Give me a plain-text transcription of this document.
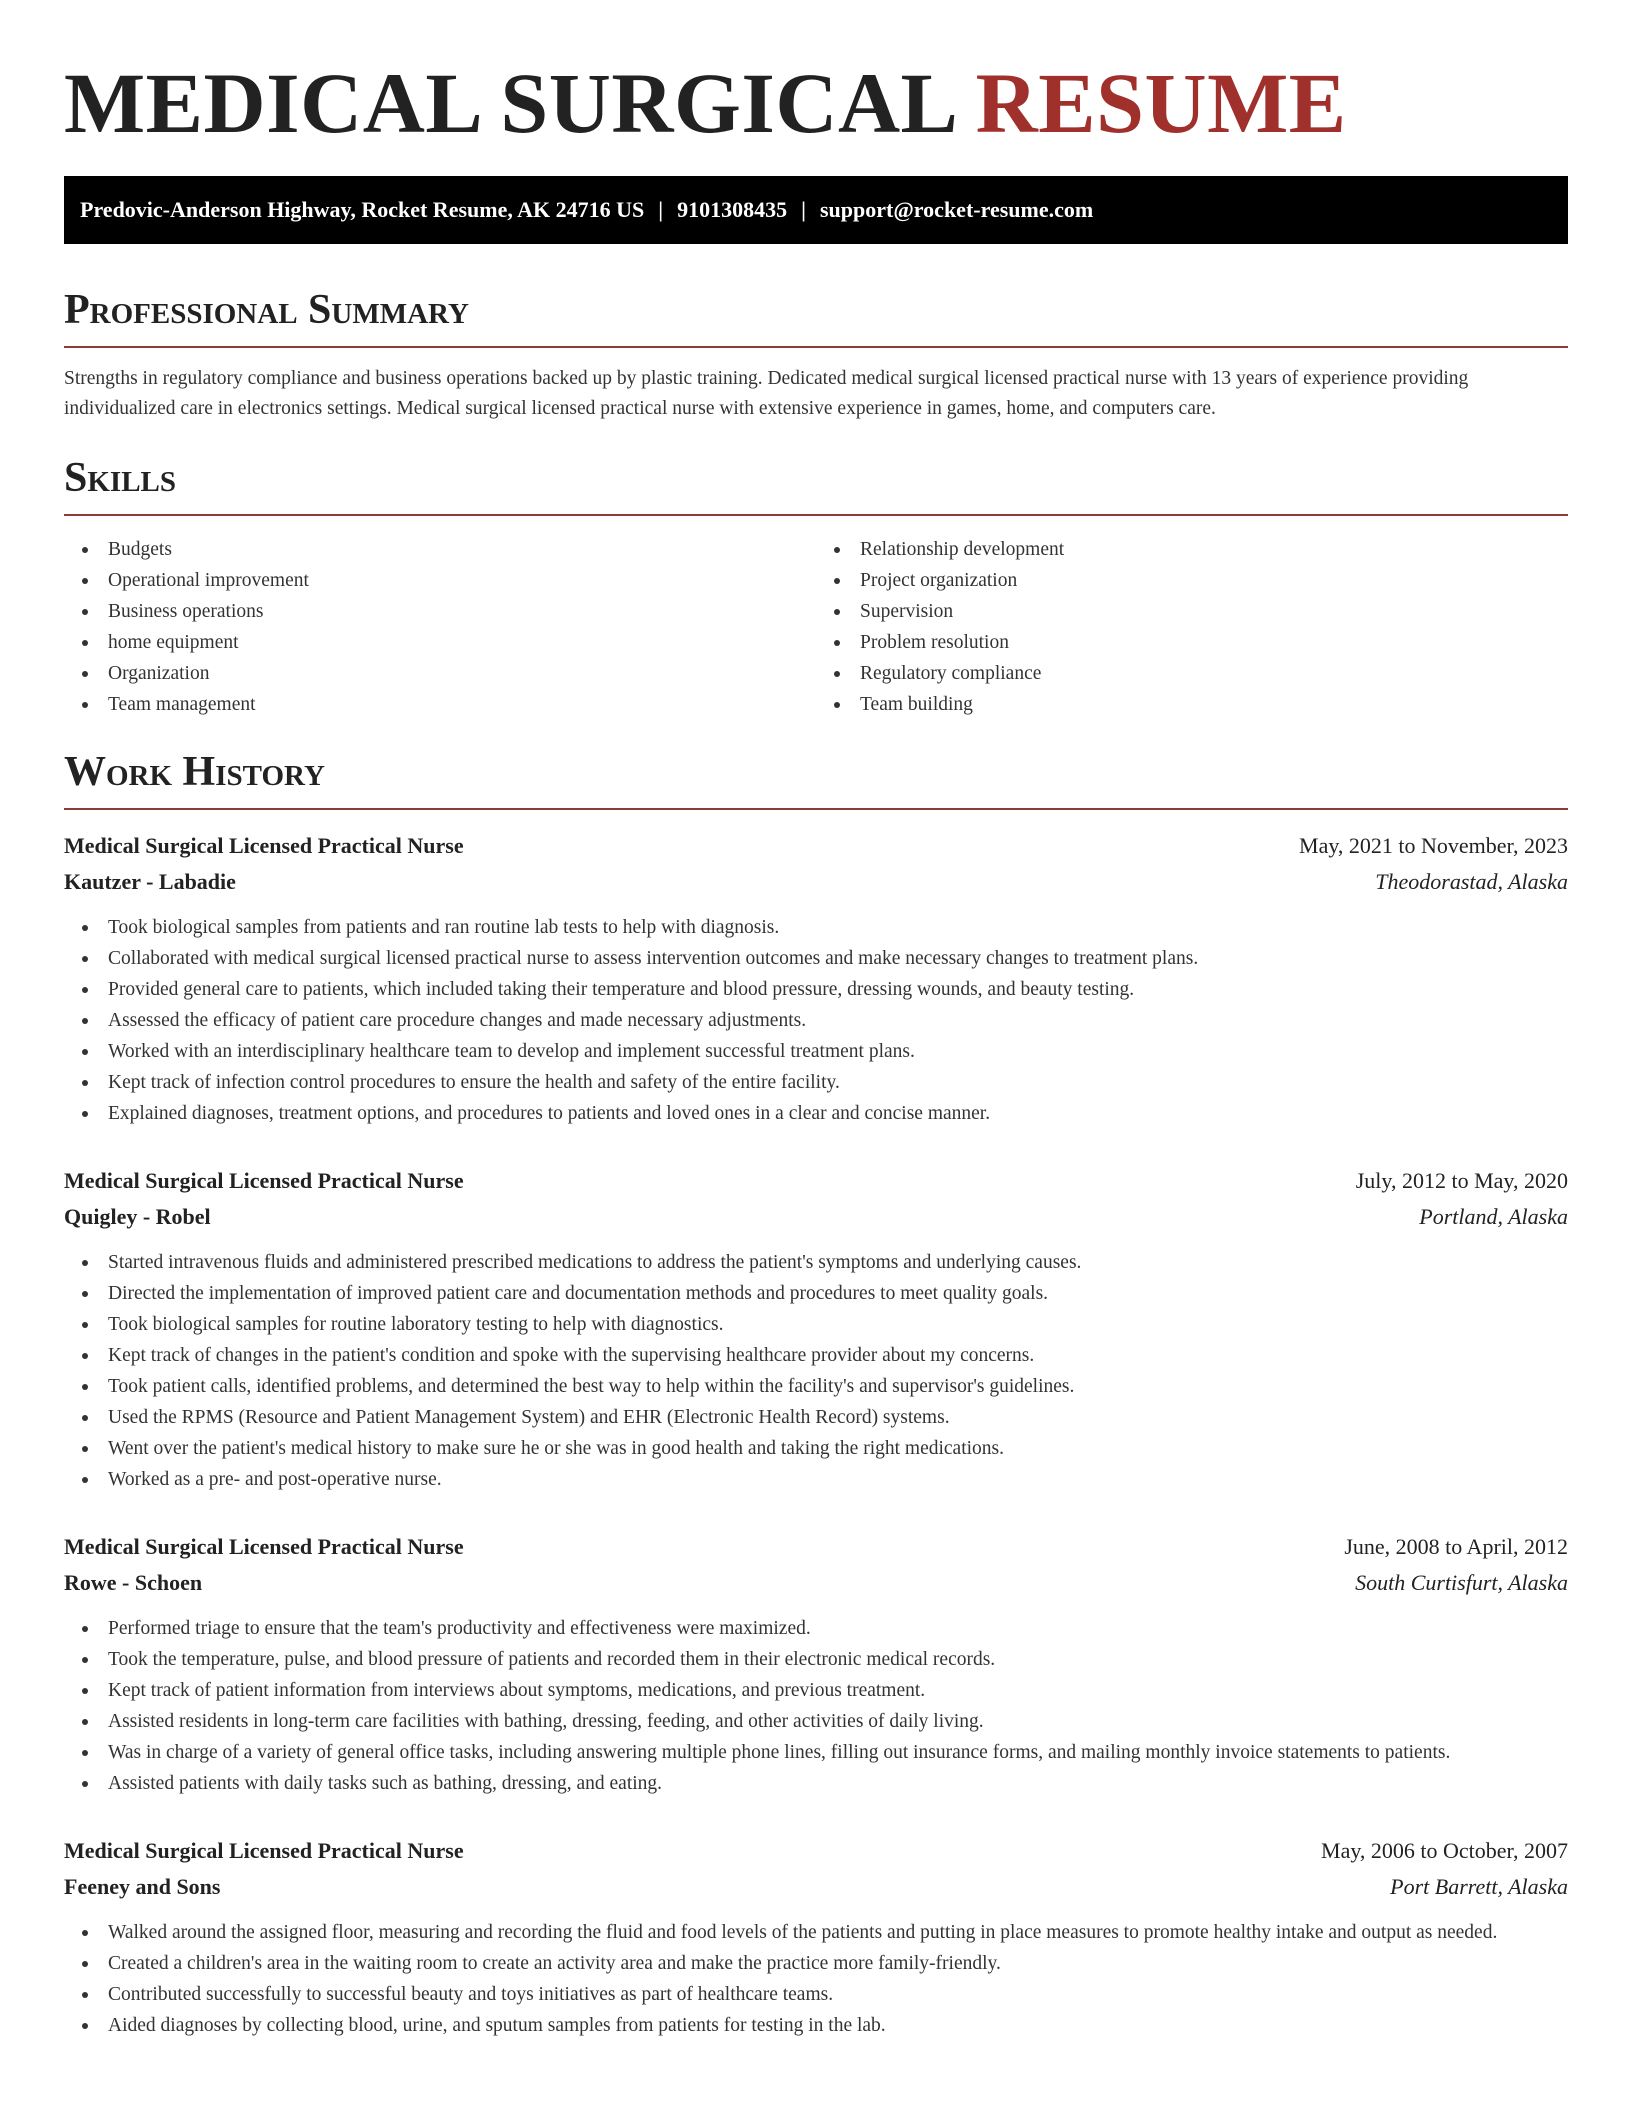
MEDICAL SURGICAL RESUME
Predovic-Anderson Highway, Rocket Resume, AK 24716 US | 9101308435 | support@rocket-resume.com
Professional Summary

Strengths in regulatory compliance and business operations backed up by plastic training. Dedicated medical surgical licensed practical nurse with 13 years of experience providing individualized care in electronics settings. Medical surgical licensed practical nurse with extensive experience in games, home, and computers care.

Skills
Budgets
Operational improvement
Business operations
home equipment
Organization
Team management
Relationship development
Project organization
Supervision
Problem resolution
Regulatory compliance
Team building
Work History
Medical Surgical Licensed Practical Nurse	May, 2021 to November, 2023
Kautzer - Labadie	Theodorastad, Alaska
Took biological samples from patients and ran routine lab tests to help with diagnosis.
Collaborated with medical surgical licensed practical nurse to assess intervention outcomes and make necessary changes to treatment plans.
Provided general care to patients, which included taking their temperature and blood pressure, dressing wounds, and beauty testing.
Assessed the efficacy of patient care procedure changes and made necessary adjustments.
Worked with an interdisciplinary healthcare team to develop and implement successful treatment plans.
Kept track of infection control procedures to ensure the health and safety of the entire facility.
Explained diagnoses, treatment options, and procedures to patients and loved ones in a clear and concise manner.
Medical Surgical Licensed Practical Nurse	July, 2012 to May, 2020
Quigley - Robel	Portland, Alaska
Started intravenous fluids and administered prescribed medications to address the patient's symptoms and underlying causes.
Directed the implementation of improved patient care and documentation methods and procedures to meet quality goals.
Took biological samples for routine laboratory testing to help with diagnostics.
Kept track of changes in the patient's condition and spoke with the supervising healthcare provider about my concerns.
Took patient calls, identified problems, and determined the best way to help within the facility's and supervisor's guidelines.
Used the RPMS (Resource and Patient Management System) and EHR (Electronic Health Record) systems.
Went over the patient's medical history to make sure he or she was in good health and taking the right medications.
Worked as a pre- and post-operative nurse.
Medical Surgical Licensed Practical Nurse	June, 2008 to April, 2012
Rowe - Schoen	South Curtisfurt, Alaska
Performed triage to ensure that the team's productivity and effectiveness were maximized.
Took the temperature, pulse, and blood pressure of patients and recorded them in their electronic medical records.
Kept track of patient information from interviews about symptoms, medications, and previous treatment.
Assisted residents in long-term care facilities with bathing, dressing, feeding, and other activities of daily living.
Was in charge of a variety of general office tasks, including answering multiple phone lines, filling out insurance forms, and mailing monthly invoice statements to patients.
Assisted patients with daily tasks such as bathing, dressing, and eating.
Medical Surgical Licensed Practical Nurse	May, 2006 to October, 2007
Feeney and Sons	Port Barrett, Alaska
Walked around the assigned floor, measuring and recording the fluid and food levels of the patients and putting in place measures to promote healthy intake and output as needed.
Created a children's area in the waiting room to create an activity area and make the practice more family-friendly.
Contributed successfully to successful beauty and toys initiatives as part of healthcare teams.
Aided diagnoses by collecting blood, urine, and sputum samples from patients for testing in the lab.
